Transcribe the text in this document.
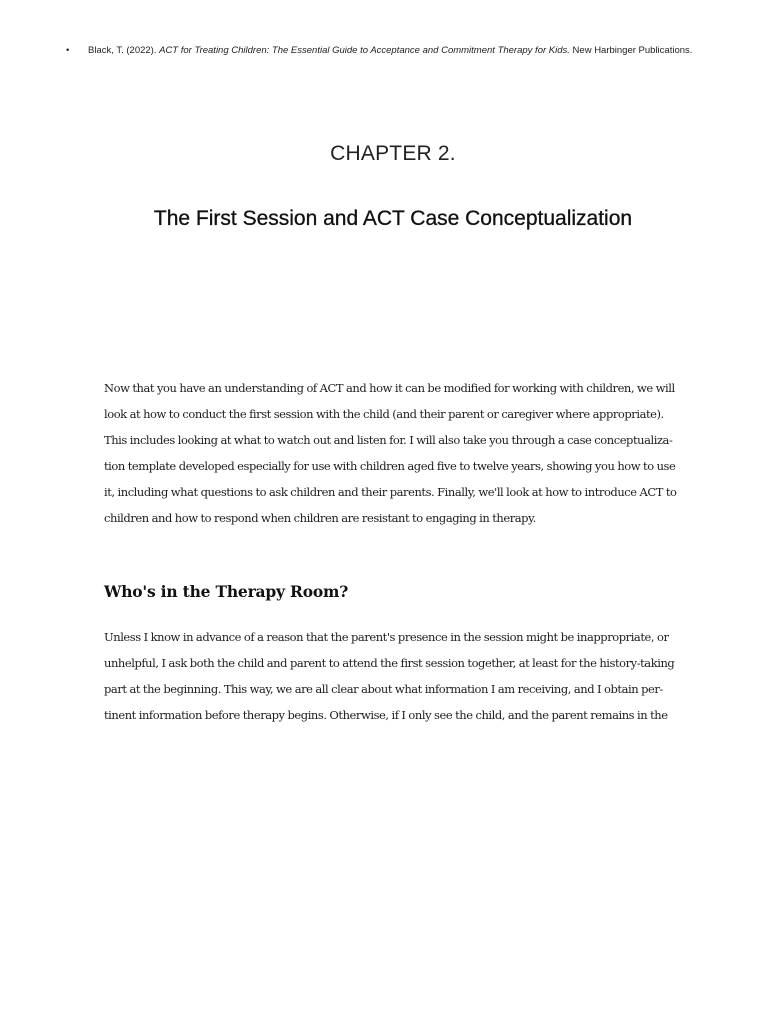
• Black, T. (2022). ACT for Treating Children: The Essential Guide to Acceptance and Commitment Therapy for Kids. New Harbinger Publications.
CHAPTER 2.
The First Session and ACT Case Conceptualization

Now that you have an understanding of ACT and how it can be modified for working with children, we will
look at how to conduct the first session with the child (and their parent or caregiver where appropriate).
This includes looking at what to watch out and listen for. I will also take you through a case conceptualiza-
tion template developed especially for use with children aged five to twelve years, showing you how to use
it, including what questions to ask children and their parents. Finally, we'll look at how to introduce ACT to
children and how to respond when children are resistant to engaging in therapy.

Who's in the Therapy Room?

Unless I know in advance of a reason that the parent's presence in the session might be inappropriate, or
unhelpful, I ask both the child and parent to attend the first session together, at least for the history-taking
part at the beginning. This way, we are all clear about what information I am receiving, and I obtain per-
tinent information before therapy begins. Otherwise, if I only see the child, and the parent remains in the
